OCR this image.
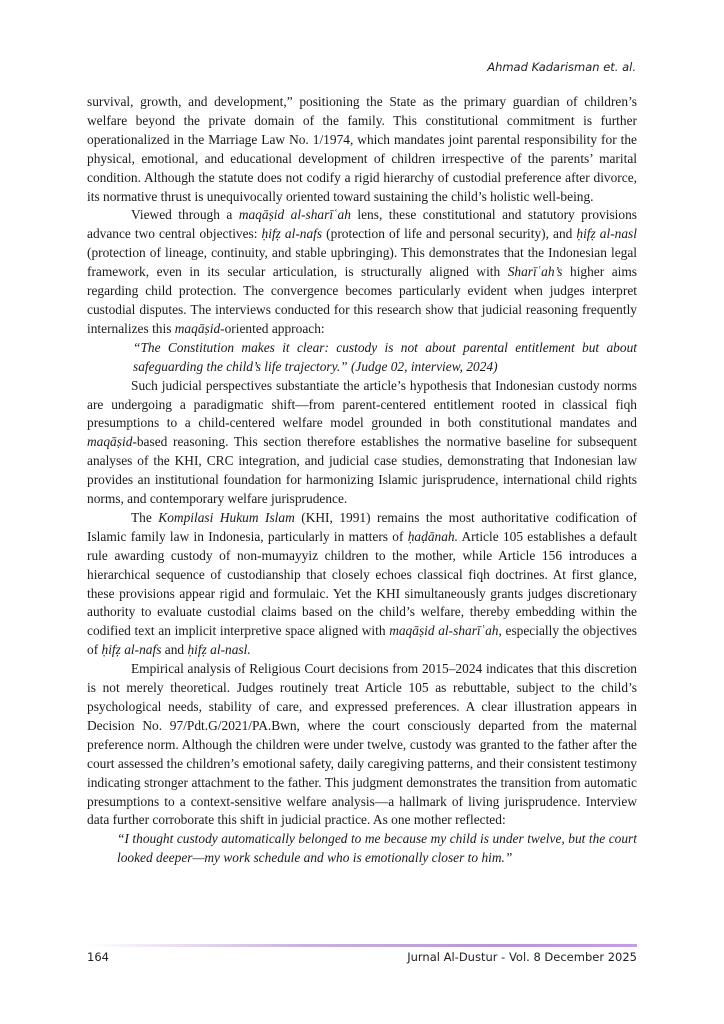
Ahmad Kadarisman et. al.

survival, growth, and development,” positioning the State as the primary guardian of children’s welfare beyond the private domain of the family. This constitutional commitment is further operationalized in the Marriage Law No. 1/1974, which mandates joint parental responsibility for the physical, emotional, and educational development of children irrespective of the parents’ marital condition. Although the statute does not codify a rigid hierarchy of custodial preference after divorce, its normative thrust is unequivocally oriented toward sustaining the child’s holistic well-being.

Viewed through a maqāṣid al-sharīʿah lens, these constitutional and statutory provisions advance two central objectives: ḥifẓ al-nafs (protection of life and personal security), and ḥifẓ al-nasl (protection of lineage, continuity, and stable upbringing). This demonstrates that the Indonesian legal framework, even in its secular articulation, is structurally aligned with Sharīʿah’s higher aims regarding child protection. The convergence becomes particularly evident when judges interpret custodial disputes. The interviews conducted for this research show that judicial reasoning frequently internalizes this maqāṣid-oriented approach:

“The Constitution makes it clear: custody is not about parental entitlement but about safeguarding the child’s life trajectory.” (Judge 02, interview, 2024)

Such judicial perspectives substantiate the article’s hypothesis that Indonesian custody norms are undergoing a paradigmatic shift—from parent-centered entitlement rooted in classical fiqh presumptions to a child-centered welfare model grounded in both constitutional mandates and maqāṣid-based reasoning. This section therefore establishes the normative baseline for subsequent analyses of the KHI, CRC integration, and judicial case studies, demonstrating that Indonesian law provides an institutional foundation for harmonizing Islamic jurisprudence, international child rights norms, and contemporary welfare jurisprudence.

The Kompilasi Hukum Islam (KHI, 1991) remains the most authoritative codification of Islamic family law in Indonesia, particularly in matters of ḥaḍānah. Article 105 establishes a default rule awarding custody of non-mumayyiz children to the mother, while Article 156 introduces a hierarchical sequence of custodianship that closely echoes classical fiqh doctrines. At first glance, these provisions appear rigid and formulaic. Yet the KHI simultaneously grants judges discretionary authority to evaluate custodial claims based on the child’s welfare, thereby embedding within the codified text an implicit interpretive space aligned with maqāṣid al-sharīʿah, especially the objectives of ḥifẓ al-nafs and ḥifẓ al-nasl.

Empirical analysis of Religious Court decisions from 2015–2024 indicates that this discretion is not merely theoretical. Judges routinely treat Article 105 as rebuttable, subject to the child’s psychological needs, stability of care, and expressed preferences. A clear illustration appears in Decision No. 97/Pdt.G/2021/PA.Bwn, where the court consciously departed from the maternal preference norm. Although the children were under twelve, custody was granted to the father after the court assessed the children’s emotional safety, daily caregiving patterns, and their consistent testimony indicating stronger attachment to the father. This judgment demonstrates the transition from automatic presumptions to a context-sensitive welfare analysis—a hallmark of living jurisprudence. Interview data further corroborate this shift in judicial practice. As one mother reflected:

“I thought custody automatically belonged to me because my child is under twelve, but the court looked deeper—my work schedule and who is emotionally closer to him.”

164	Jurnal Al-Dustur - Vol. 8 December 2025
